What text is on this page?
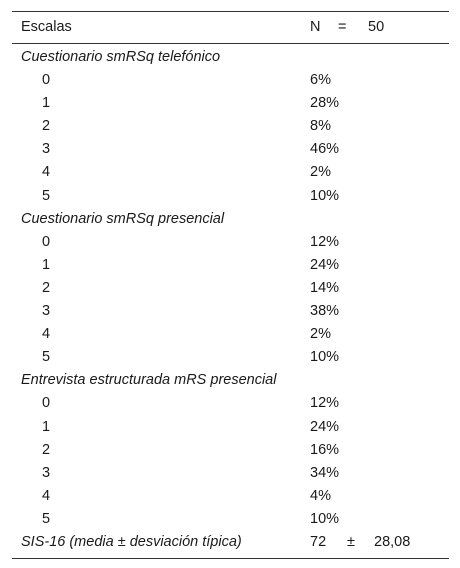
Escalas	N = 50
Cuestionario smRSq telefónico
0	6%
1	28%
2	8%
3	46%
4	2%
5	10%
Cuestionario smRSq presencial
0	12%
1	24%
2	14%
3	38%
4	2%
5	10%
Entrevista estructurada mRS presencial
0	12%
1	24%
2	16%
3	34%
4	4%
5	10%
SIS-16 (media ± desviación típica)	72 ± 28,08
